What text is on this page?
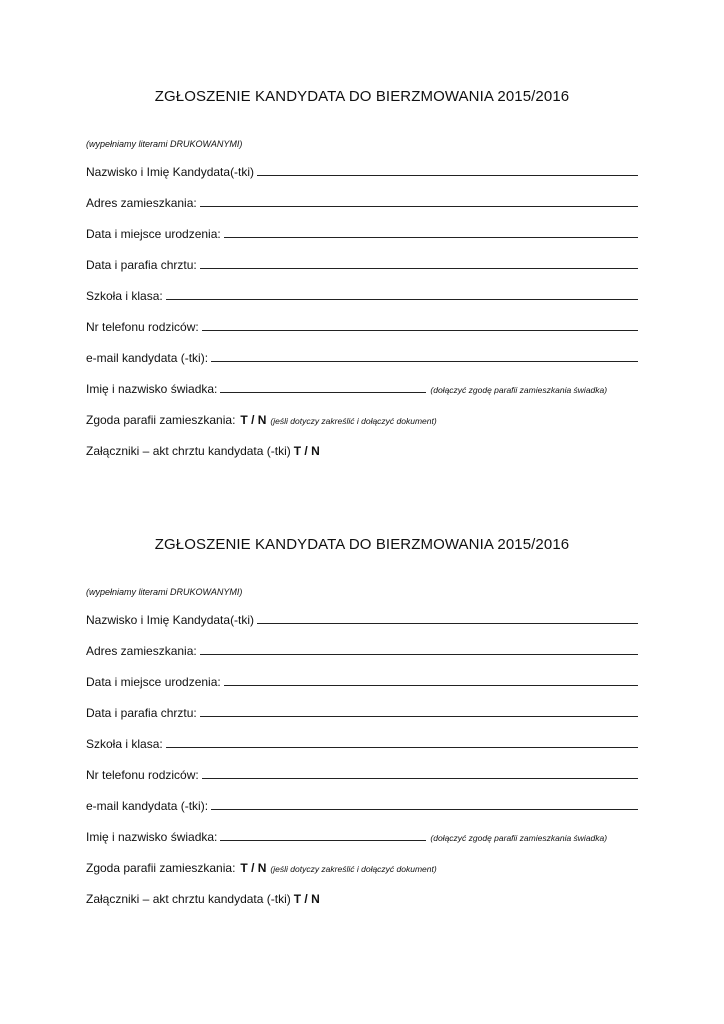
ZGŁOSZENIE KANDYDATA DO BIERZMOWANIA 2015/2016
(wypełniamy literami DRUKOWANYMI)
Nazwisko i Imię Kandydata(-tki)
Adres zamieszkania:
Data i miejsce urodzenia:
Data i parafia chrztu:
Szkoła i klasa:
Nr telefonu rodziców:
e-mail kandydata (-tki):
Imię i nazwisko świadka:	(dołączyć zgodę parafii zamieszkania świadka)
Zgoda parafii zamieszkania: T / N (jeśli dotyczy zakreślić i dołączyć dokument)
Załączniki – akt chrztu kandydata (-tki) T / N
ZGŁOSZENIE KANDYDATA DO BIERZMOWANIA 2015/2016
(wypełniamy literami DRUKOWANYMI)
Nazwisko i Imię Kandydata(-tki)
Adres zamieszkania:
Data i miejsce urodzenia:
Data i parafia chrztu:
Szkoła i klasa:
Nr telefonu rodziców:
e-mail kandydata (-tki):
Imię i nazwisko świadka:	(dołączyć zgodę parafii zamieszkania świadka)
Zgoda parafii zamieszkania: T / N (jeśli dotyczy zakreślić i dołączyć dokument)
Załączniki – akt chrztu kandydata (-tki) T / N
